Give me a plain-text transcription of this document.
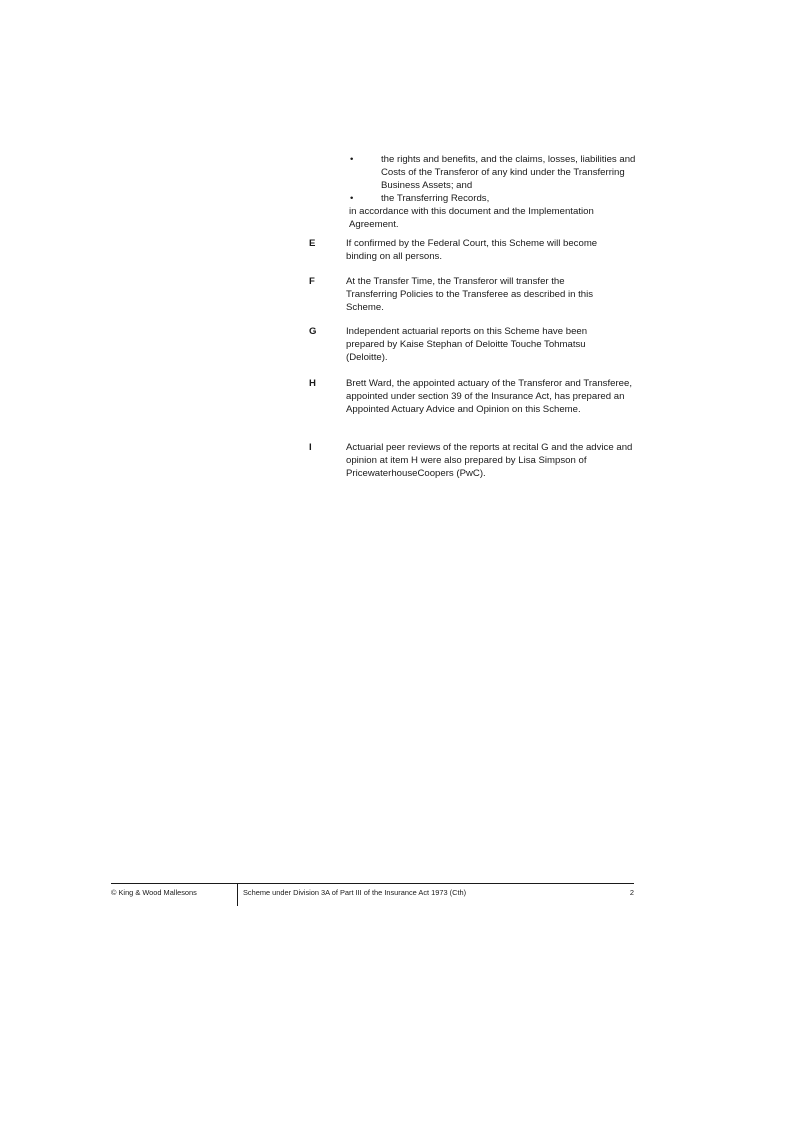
•	the rights and benefits, and the claims, losses, liabilities and Costs of the Transferor of any kind under the Transferring Business Assets; and
•	the Transferring Records,
in accordance with this document and the Implementation Agreement.
E	If confirmed by the Federal Court, this Scheme will become binding on all persons.
F	At the Transfer Time, the Transferor will transfer the Transferring Policies to the Transferee as described in this Scheme.
G	Independent actuarial reports on this Scheme have been prepared by Kaise Stephan of Deloitte Touche Tohmatsu (Deloitte).
H	Brett Ward, the appointed actuary of the Transferor and Transferee, appointed under section 39 of the Insurance Act, has prepared an Appointed Actuary Advice and Opinion on this Scheme.
I	Actuarial peer reviews of the reports at recital G and the advice and opinion at item H were also prepared by Lisa Simpson of PricewaterhouseCoopers (PwC).
© King & Wood Mallesons	Scheme under Division 3A of Part III of the Insurance Act 1973 (Cth)	2
